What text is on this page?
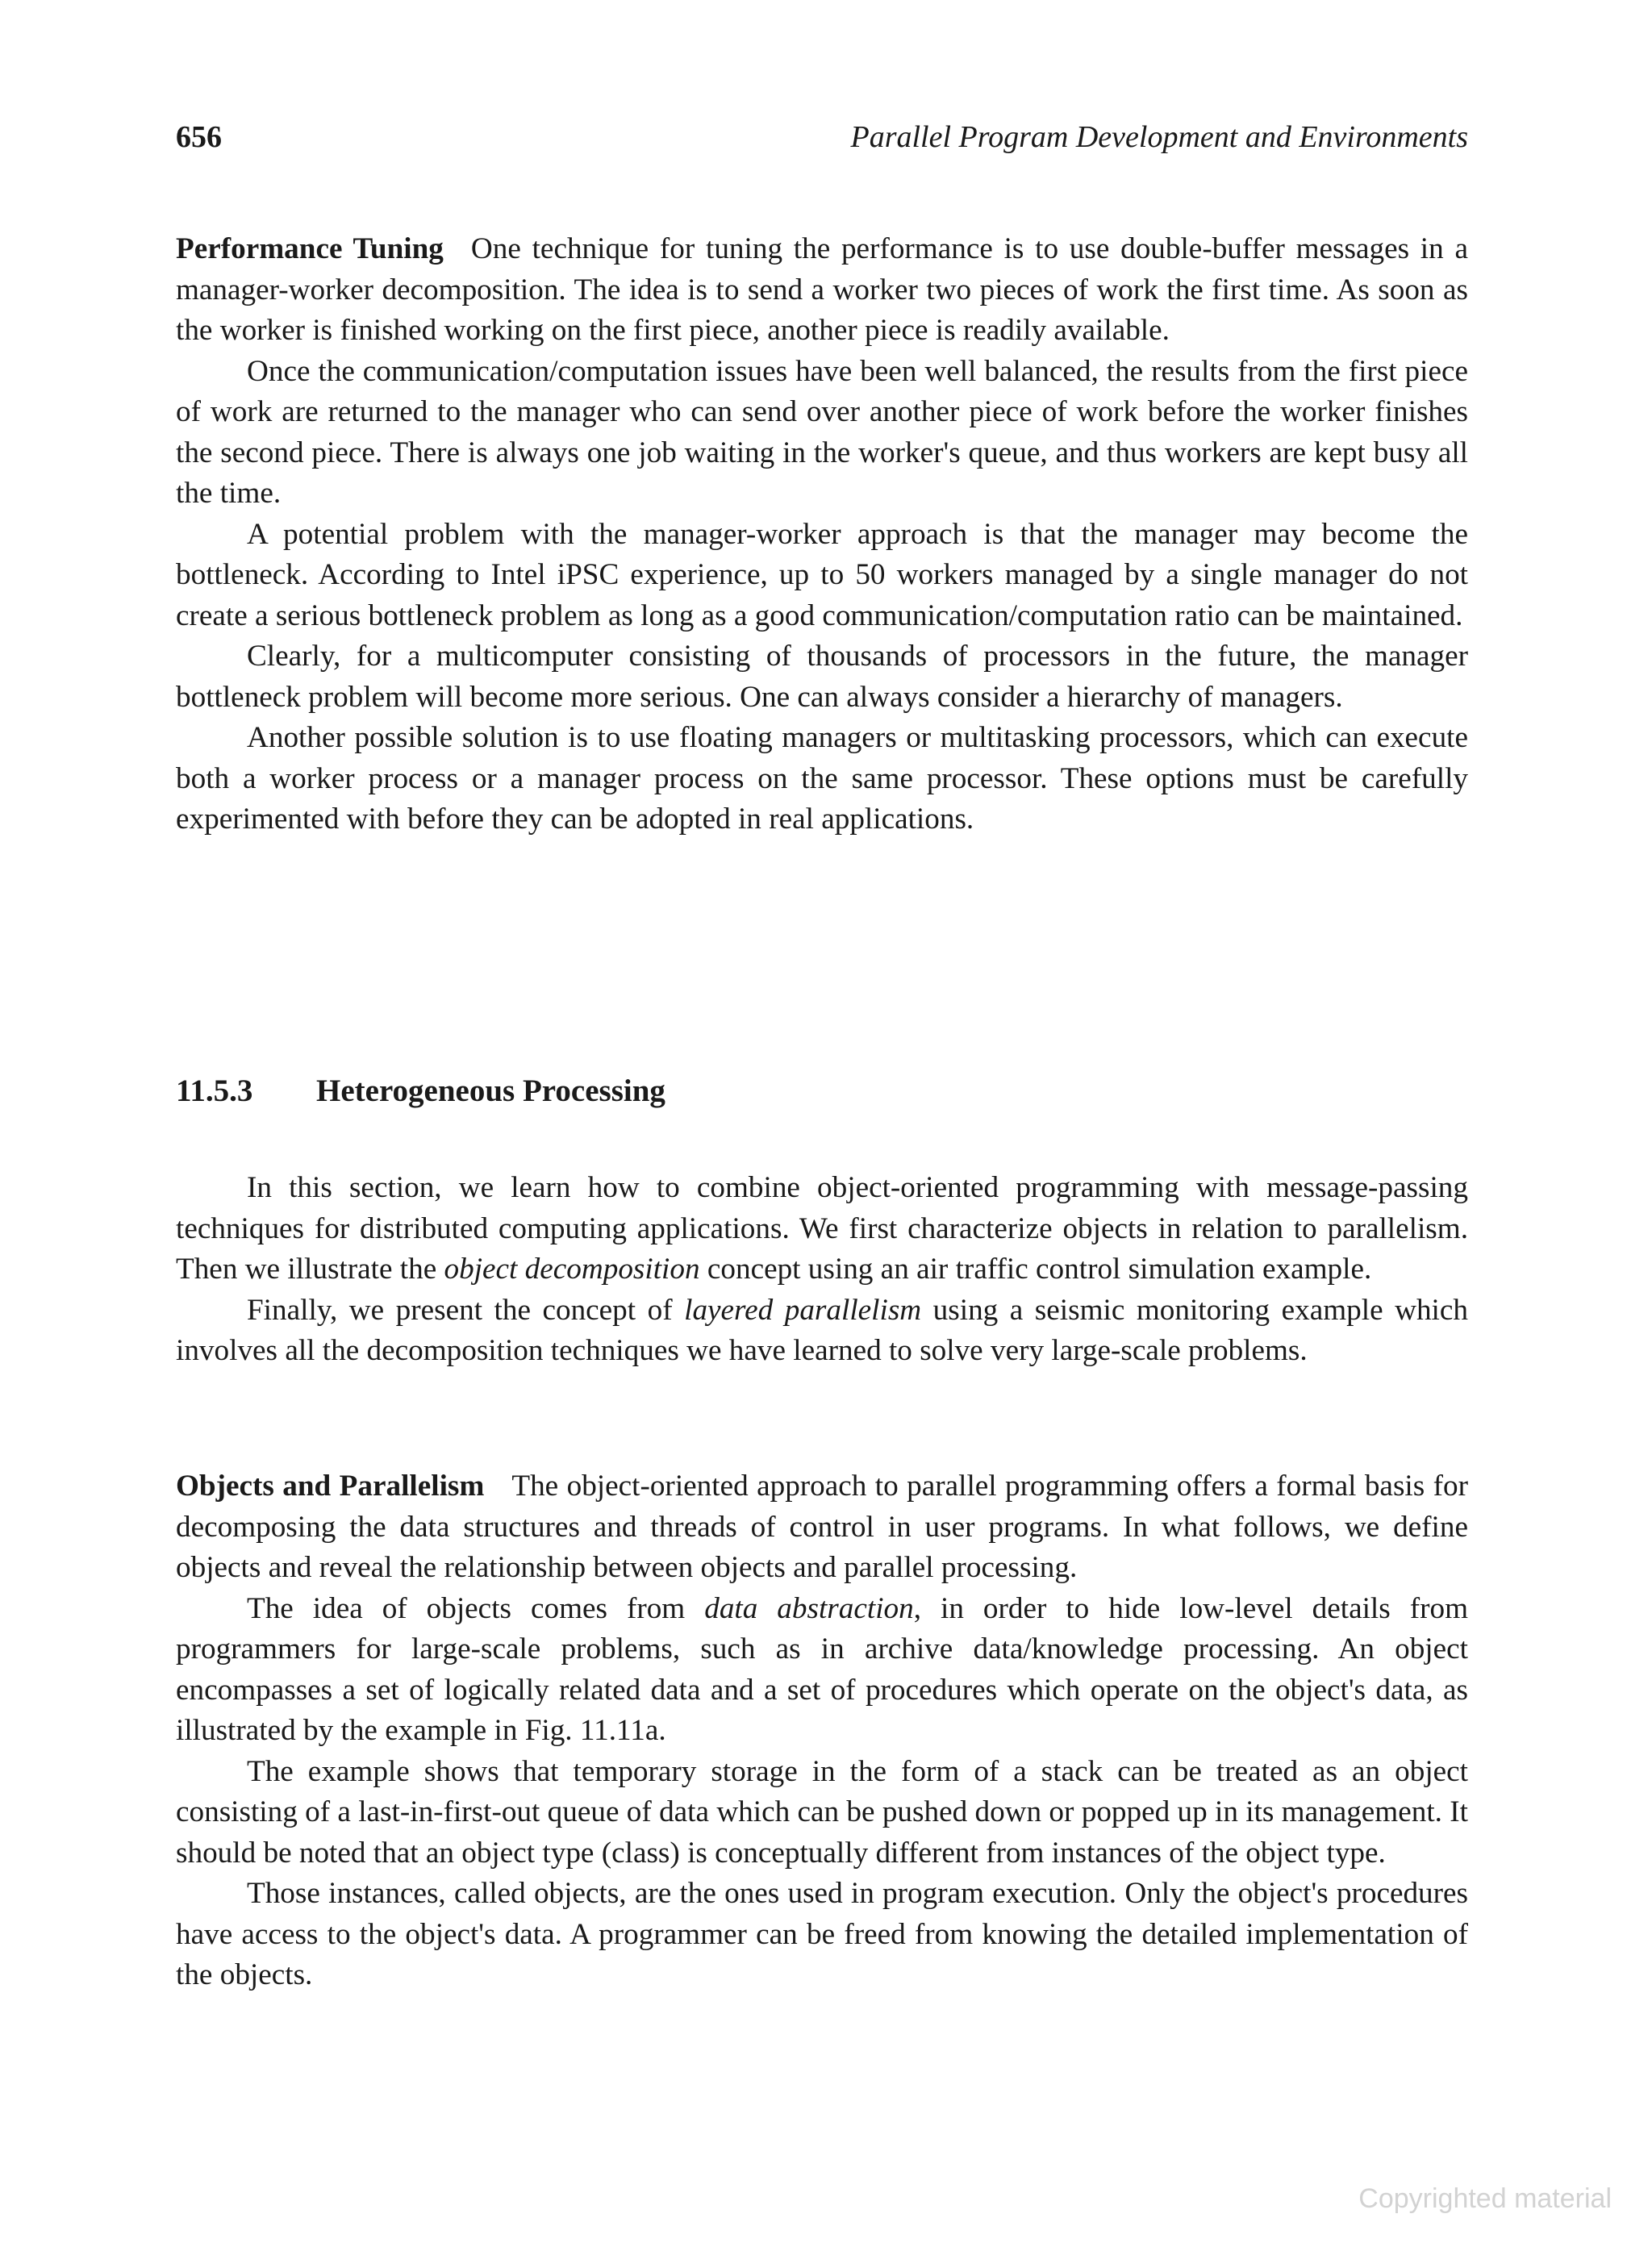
656	Parallel Program Development and Environments

Performance Tuning One technique for tuning the performance is to use double-buffer messages in a manager-worker decomposition. The idea is to send a worker two pieces of work the first time. As soon as the worker is finished working on the first piece, another piece is readily available.

Once the communication/computation issues have been well balanced, the results from the first piece of work are returned to the manager who can send over another piece of work before the worker finishes the second piece. There is always one job waiting in the worker's queue, and thus workers are kept busy all the time.

A potential problem with the manager-worker approach is that the manager may become the bottleneck. According to Intel iPSC experience, up to 50 workers managed by a single manager do not create a serious bottleneck problem as long as a good communication/computation ratio can be maintained.

Clearly, for a multicomputer consisting of thousands of processors in the future, the manager bottleneck problem will become more serious. One can always consider a hierarchy of managers.

Another possible solution is to use floating managers or multitasking processors, which can execute both a worker process or a manager process on the same processor. These options must be carefully experimented with before they can be adopted in real applications.

11.5.3 Heterogeneous Processing

In this section, we learn how to combine object-oriented programming with message-passing techniques for distributed computing applications. We first characterize objects in relation to parallelism. Then we illustrate the object decomposition concept using an air traffic control simulation example.

Finally, we present the concept of layered parallelism using a seismic monitoring example which involves all the decomposition techniques we have learned to solve very large-scale problems.

Objects and Parallelism The object-oriented approach to parallel programming offers a formal basis for decomposing the data structures and threads of control in user programs. In what follows, we define objects and reveal the relationship between objects and parallel processing.

The idea of objects comes from data abstraction, in order to hide low-level details from programmers for large-scale problems, such as in archive data/knowledge processing. An object encompasses a set of logically related data and a set of procedures which operate on the object's data, as illustrated by the example in Fig. 11.11a.

The example shows that temporary storage in the form of a stack can be treated as an object consisting of a last-in-first-out queue of data which can be pushed down or popped up in its management. It should be noted that an object type (class) is conceptually different from instances of the object type.

Those instances, called objects, are the ones used in program execution. Only the object's procedures have access to the object's data. A programmer can be freed from knowing the detailed implementation of the objects.

Copyrighted material
